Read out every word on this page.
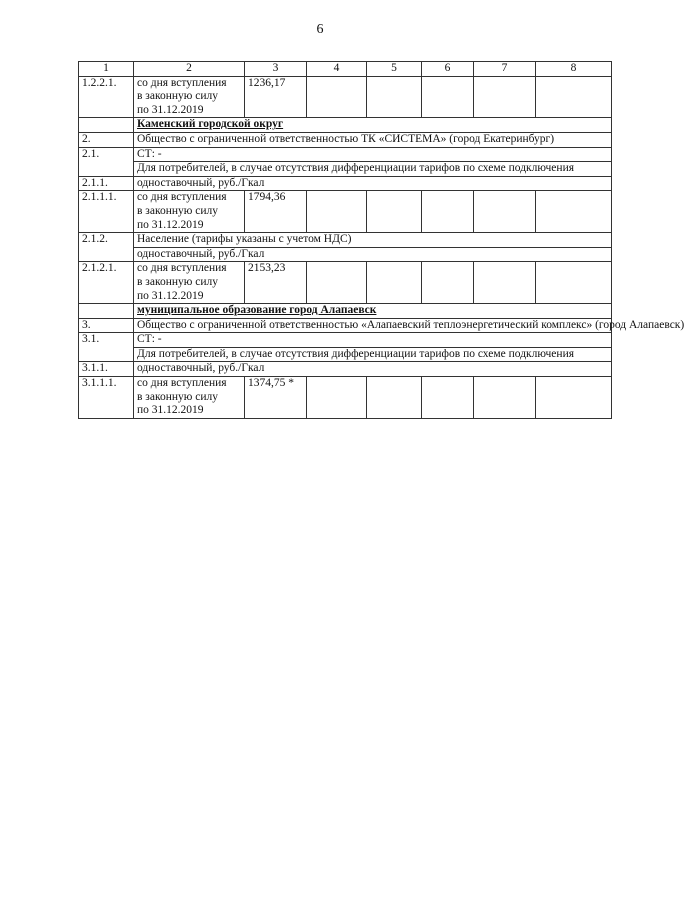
6
1	2	3	4	5	6	7	8
1.2.2.1.	со дня вступления
в законную силу
по 31.12.2019	1236,17					
	Каменский городской округ						
2.	Общество с ограниченной ответственностью ТК «СИСТЕМА» (город Екатеринбург)						
2.1.	СТ: -						
	Для потребителей, в случае отсутствия дифференциации тарифов по схеме подключения						
2.1.1.	одноставочный, руб./Гкал						
2.1.1.1.	со дня вступления
в законную силу
по 31.12.2019	1794,36					
2.1.2.	Население (тарифы указаны с учетом НДС)						
	одноставочный, руб./Гкал						
2.1.2.1.	со дня вступления
в законную силу
по 31.12.2019	2153,23					
	муниципальное образование город Алапаевск						
3.	Общество с ограниченной ответственностью «Алапаевский теплоэнергетический комплекс» (город Алапаевск)						
3.1.	СТ: -						
	Для потребителей, в случае отсутствия дифференциации тарифов по схеме подключения						
3.1.1.	одноставочный, руб./Гкал						
3.1.1.1.	со дня вступления
в законную силу
по 31.12.2019	1374,75 *					
